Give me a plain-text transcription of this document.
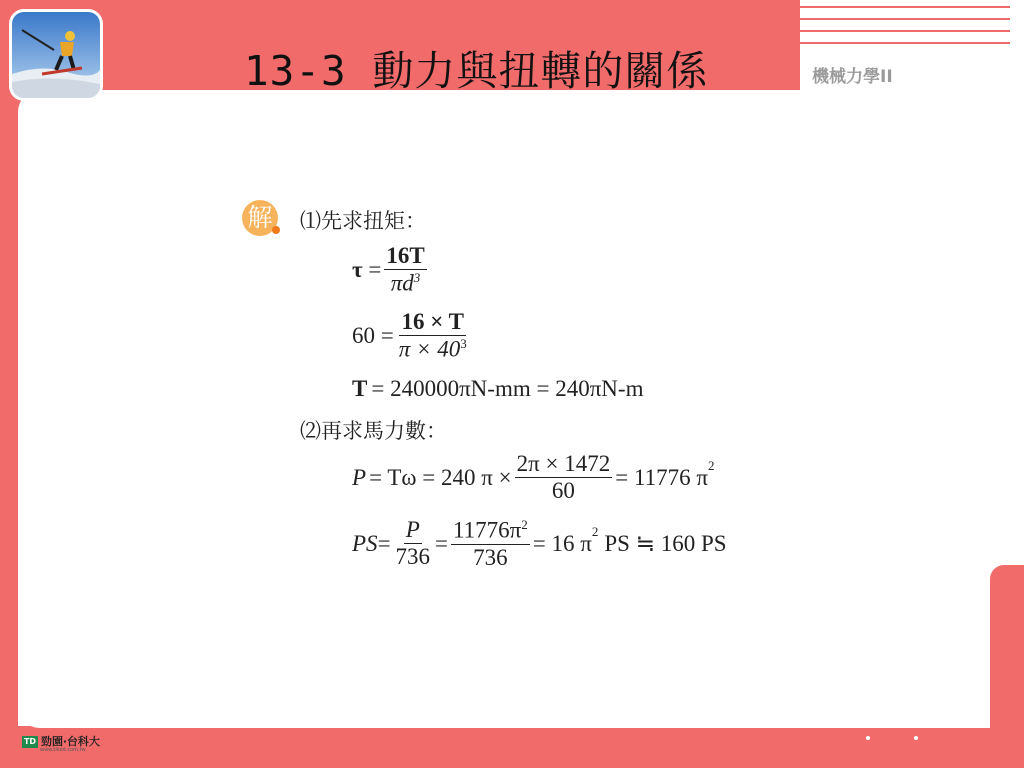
13-3 動力與扭轉的關係	機械力學II
解 ⑴先求扭矩：
$\tau = \frac{16T}{\pi d^3}$
$60 = \frac{16 \times T}{\pi \times 40^3}$
T = 240000πN-mm = 240πN-m
⑵再求馬力數：
P = Tω = 240 $\pi \times \frac{2\pi \times 1472}{60} = 11776$ $\pi^2$
PS = $\frac{P}{736} = \frac{11776\pi^2}{736} = 16$ $\pi^2$ PS ≒ 160 PS
TD 勁園‧台科大
www.tiked.com.tw
